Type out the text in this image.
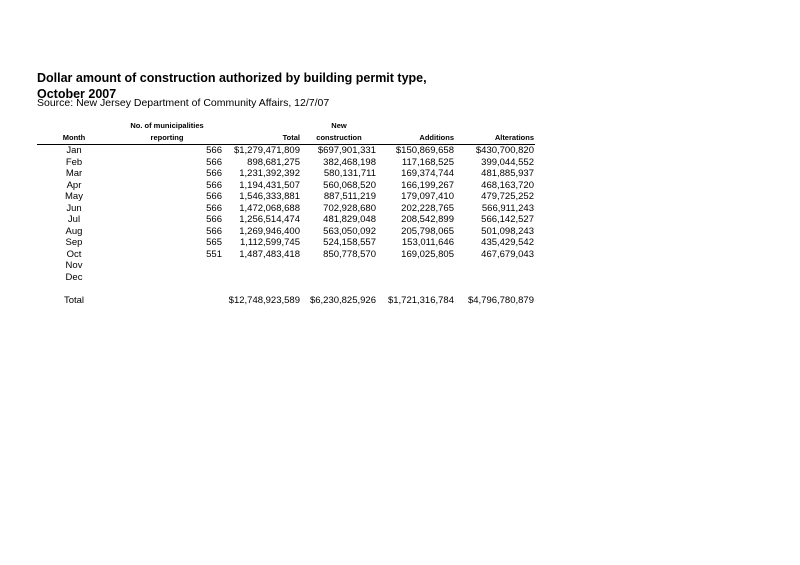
Dollar amount of construction authorized by building permit type,
October 2007
Source: New Jersey Department of Community Affairs, 12/7/07
	No. of municipalities		New		
Month	reporting	Total	construction	Additions	Alterations
Jan	566	$1,279,471,809	$697,901,331	$150,869,658	$430,700,820
Feb	566	898,681,275	382,468,198	117,168,525	399,044,552
Mar	566	1,231,392,392	580,131,711	169,374,744	481,885,937
Apr	566	1,194,431,507	560,068,520	166,199,267	468,163,720
May	566	1,546,333,881	887,511,219	179,097,410	479,725,252
Jun	566	1,472,068,688	702,928,680	202,228,765	566,911,243
Jul	566	1,256,514,474	481,829,048	208,542,899	566,142,527
Aug	566	1,269,946,400	563,050,092	205,798,065	501,098,243
Sep	565	1,112,599,745	524,158,557	153,011,646	435,429,542
Oct	551	1,487,483,418	850,778,570	169,025,805	467,679,043
Nov					
Dec					

Total		$12,748,923,589	$6,230,825,926	$1,721,316,784	$4,796,780,879
